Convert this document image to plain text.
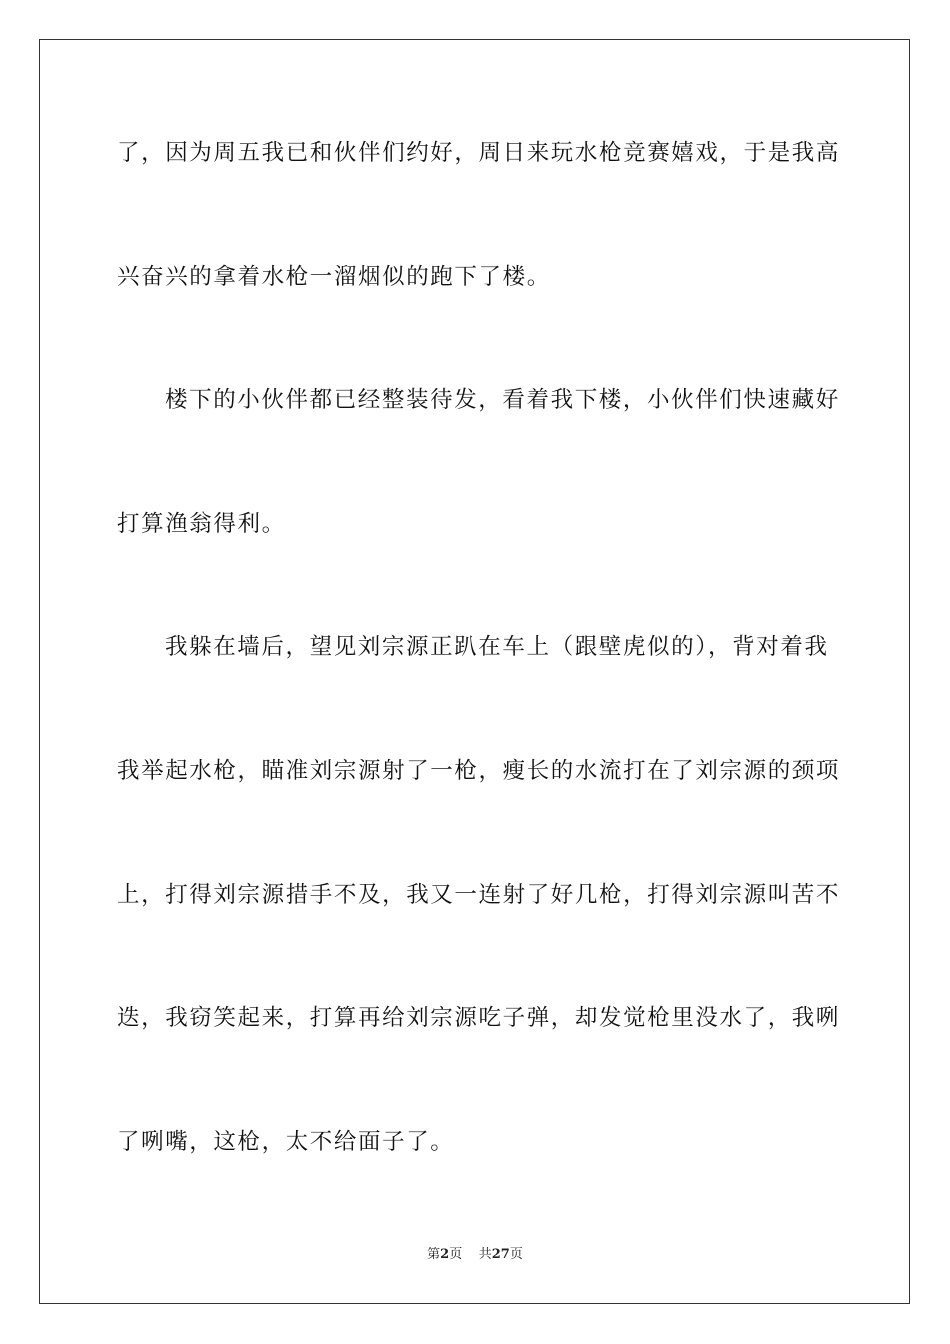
了，因为周五我已和伙伴们约好，周日来玩水枪竞赛嬉戏，于是我高
兴奋兴的拿着水枪一溜烟似的跑下了楼。
楼下的小伙伴都已经整装待发，看着我下楼，小伙伴们快速藏好
打算渔翁得利。
我躲在墙后，望见刘宗源正趴在车上（跟壁虎似的），背对着我
我举起水枪，瞄准刘宗源射了一枪，瘦长的水流打在了刘宗源的颈项
上，打得刘宗源措手不及，我又一连射了好几枪，打得刘宗源叫苦不
迭，我窃笑起来，打算再给刘宗源吃子弹，却发觉枪里没水了，我咧
了咧嘴，这枪，太不给面子了。
第2页 共27页
